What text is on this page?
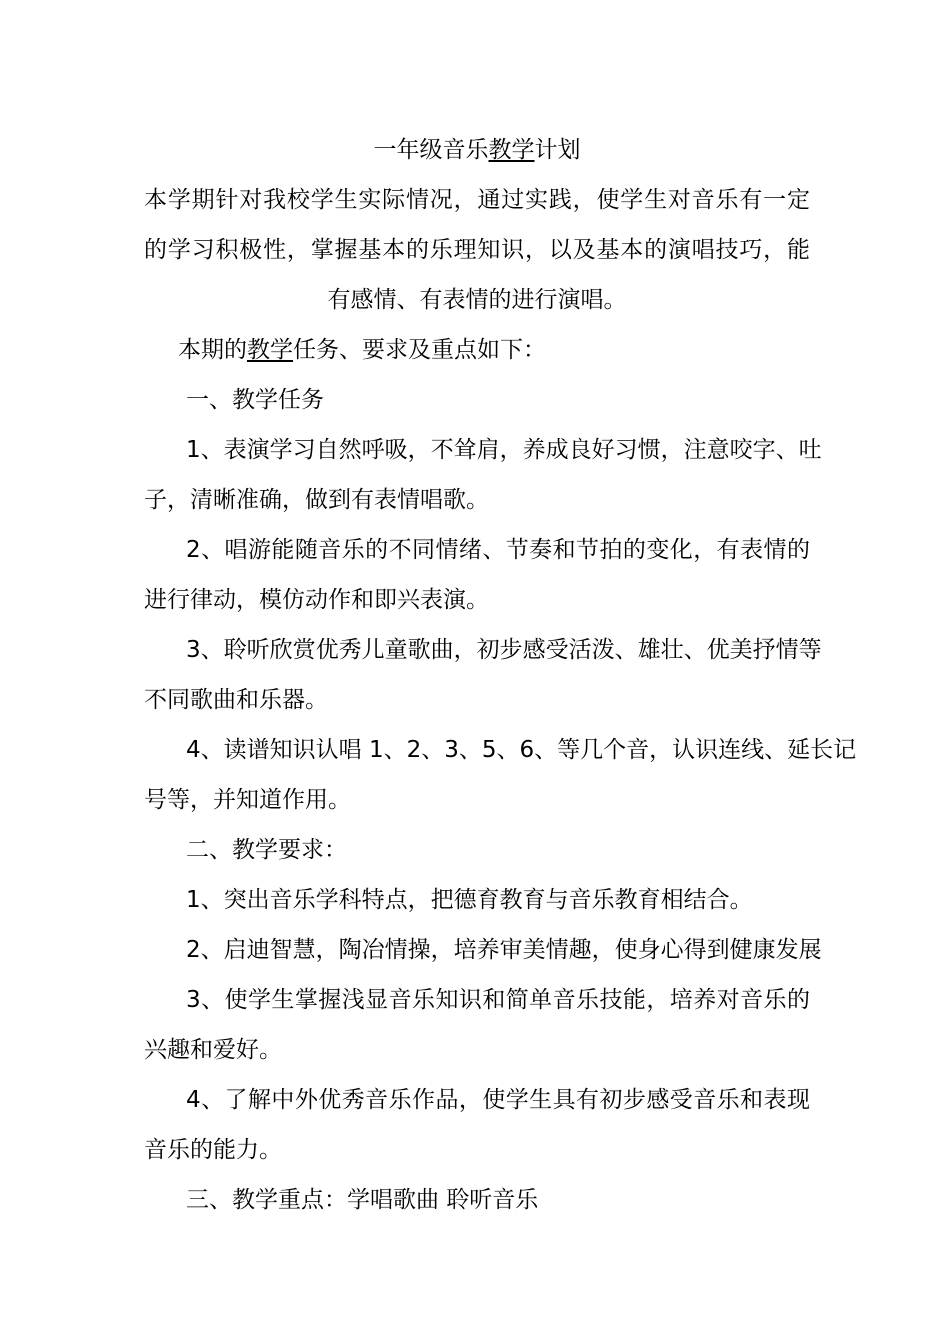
一年级音乐教学计划
本学期针对我校学生实际情况，通过实践，使学生对音乐有一定
的学习积极性，掌握基本的乐理知识，以及基本的演唱技巧，能
有感情、有表情的进行演唱。
本期的教学任务、要求及重点如下：
一、教学任务
1、表演学习自然呼吸，不耸肩，养成良好习惯，注意咬字、吐
子，清晰准确，做到有表情唱歌。
2、唱游能随音乐的不同情绪、节奏和节拍的变化，有表情的
进行律动，模仿动作和即兴表演。
3、聆听欣赏优秀儿童歌曲，初步感受活泼、雄壮、优美抒情等
不同歌曲和乐器。
4、读谱知识认唱 1、2、3、5、6、等几个音，认识连线、延长记
号等，并知道作用。
二、教学要求：
1、突出音乐学科特点，把德育教育与音乐教育相结合。
2、启迪智慧，陶冶情操，培养审美情趣，使身心得到健康发展
3、使学生掌握浅显音乐知识和简单音乐技能，培养对音乐的
兴趣和爱好。
4、了解中外优秀音乐作品，使学生具有初步感受音乐和表现
音乐的能力。
三、教学重点：学唱歌曲 聆听音乐
